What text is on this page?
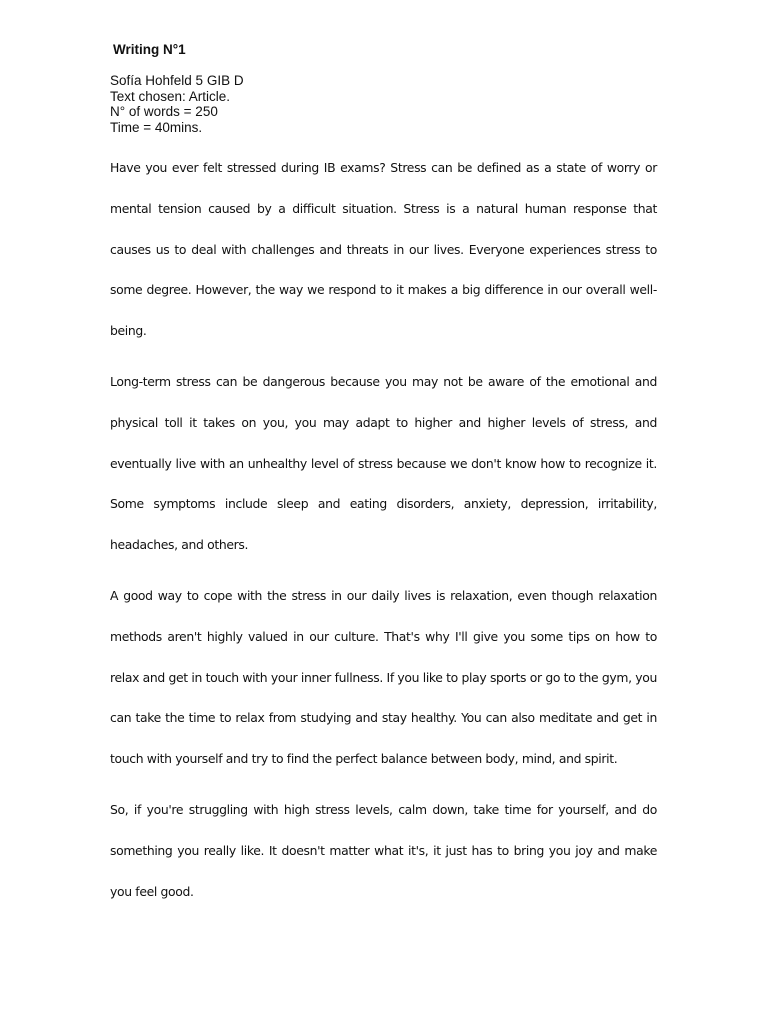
Writing N°1
Sofía Hohfeld 5 GIB D
Text chosen: Article.
N° of words = 250
Time = 40mins.

Have you ever felt stressed during IB exams? Stress can be defined as a state of worry or mental tension caused by a difficult situation. Stress is a natural human response that causes us to deal with challenges and threats in our lives. Everyone experiences stress to some degree. However, the way we respond to it makes a big difference in our overall well-being.

Long-term stress can be dangerous because you may not be aware of the emotional and physical toll it takes on you, you may adapt to higher and higher levels of stress, and eventually live with an unhealthy level of stress because we don't know how to recognize it. Some symptoms include sleep and eating disorders, anxiety, depression, irritability, headaches, and others.

A good way to cope with the stress in our daily lives is relaxation, even though relaxation methods aren't highly valued in our culture. That's why I'll give you some tips on how to relax and get in touch with your inner fullness. If you like to play sports or go to the gym, you can take the time to relax from studying and stay healthy. You can also meditate and get in touch with yourself and try to find the perfect balance between body, mind, and spirit.

So, if you're struggling with high stress levels, calm down, take time for yourself, and do something you really like. It doesn't matter what it's, it just has to bring you joy and make you feel good.
